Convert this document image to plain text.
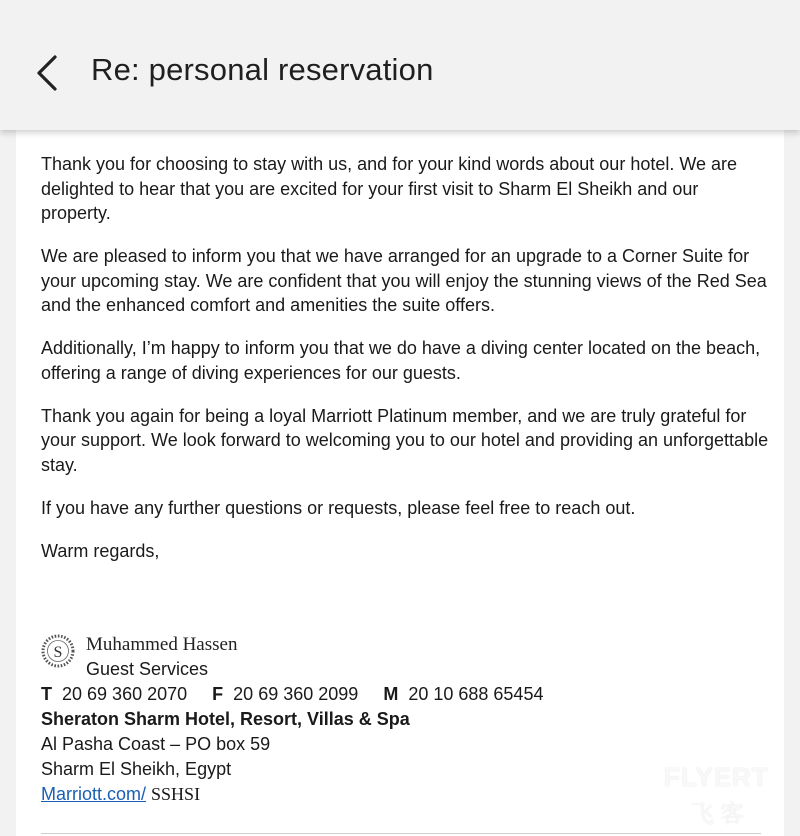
Re: personal reservation

Thank you for choosing to stay with us, and for your kind words about our hotel. We are delighted to hear that you are excited for your first visit to Sharm El Sheikh and our property.

We are pleased to inform you that we have arranged for an upgrade to a Corner Suite for your upcoming stay. We are confident that you will enjoy the stunning views of the Red Sea and the enhanced comfort and amenities the suite offers.

Additionally, I’m happy to inform you that we do have a diving center located on the beach, offering a range of diving experiences for our guests.

Thank you again for being a loyal Marriott Platinum member, and we are truly grateful for your support. We look forward to welcoming you to our hotel and providing an unforgettable stay.

If you have any further questions or requests, please feel free to reach out.

Warm regards,

S Muhammed Hassen
Guest Services
T 20 69 360 2070 F 20 69 360 2099 M 20 10 688 65454
Sheraton Sharm Hotel, Resort, Villas & Spa
Al Pasha Coast – PO box 59
Sharm El Sheikh, Egypt
Marriott.com/ SSHSI
FLYERT
飞客
